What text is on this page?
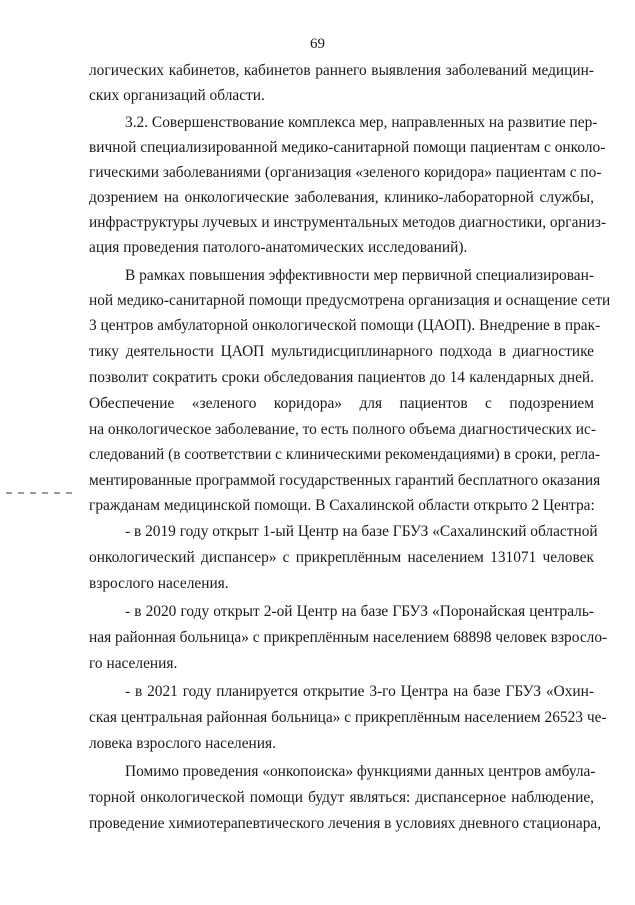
69
логических кабинетов, кабинетов раннего выявления заболеваний медицин-
ских организаций области.
3.2. Совершенствование комплекса мер, направленных на развитие пер-
вичной специализированной медико-санитарной помощи пациентам с онколо-
гическими заболеваниями (организация «зеленого коридора» пациентам с по-
дозрением на онкологические заболевания, клинико-лабораторной службы,
инфраструктуры лучевых и инструментальных методов диагностики, организ-
ация проведения патолого-анатомических исследований).
В рамках повышения эффективности мер первичной специализирован-
ной медико-санитарной помощи предусмотрена организация и оснащение сети
3 центров амбулаторной онкологической помощи (ЦАОП). Внедрение в прак-
тику деятельности ЦАОП мультидисциплинарного подхода в диагностике
позволит сократить сроки обследования пациентов до 14 календарных дней.
Обеспечение «зеленого коридора» для пациентов с подозрением
на онкологическое заболевание, то есть полного объема диагностических ис-
следований (в соответствии с клиническими рекомендациями) в сроки, регла-
ментированные программой государственных гарантий бесплатного оказания
гражданам медицинской помощи. В Сахалинской области открыто 2 Центра:
- в 2019 году открыт 1-ый Центр на базе ГБУЗ «Сахалинский областной
онкологический диспансер» с прикреплённым населением 131071 человек
взрослого населения.
- в 2020 году открыт 2-ой Центр на базе ГБУЗ «Поронайская централь-
ная районная больница» с прикреплённым населением 68898 человек взросло-
го населения.
- в 2021 году планируется открытие 3-го Центра на базе ГБУЗ «Охин-
ская центральная районная больница» с прикреплённым населением 26523 че-
ловека взрослого населения.
Помимо проведения «онкопоиска» функциями данных центров амбула-
торной онкологической помощи будут являться: диспансерное наблюдение,
проведение химиотерапевтического лечения в условиях дневного стационара,
